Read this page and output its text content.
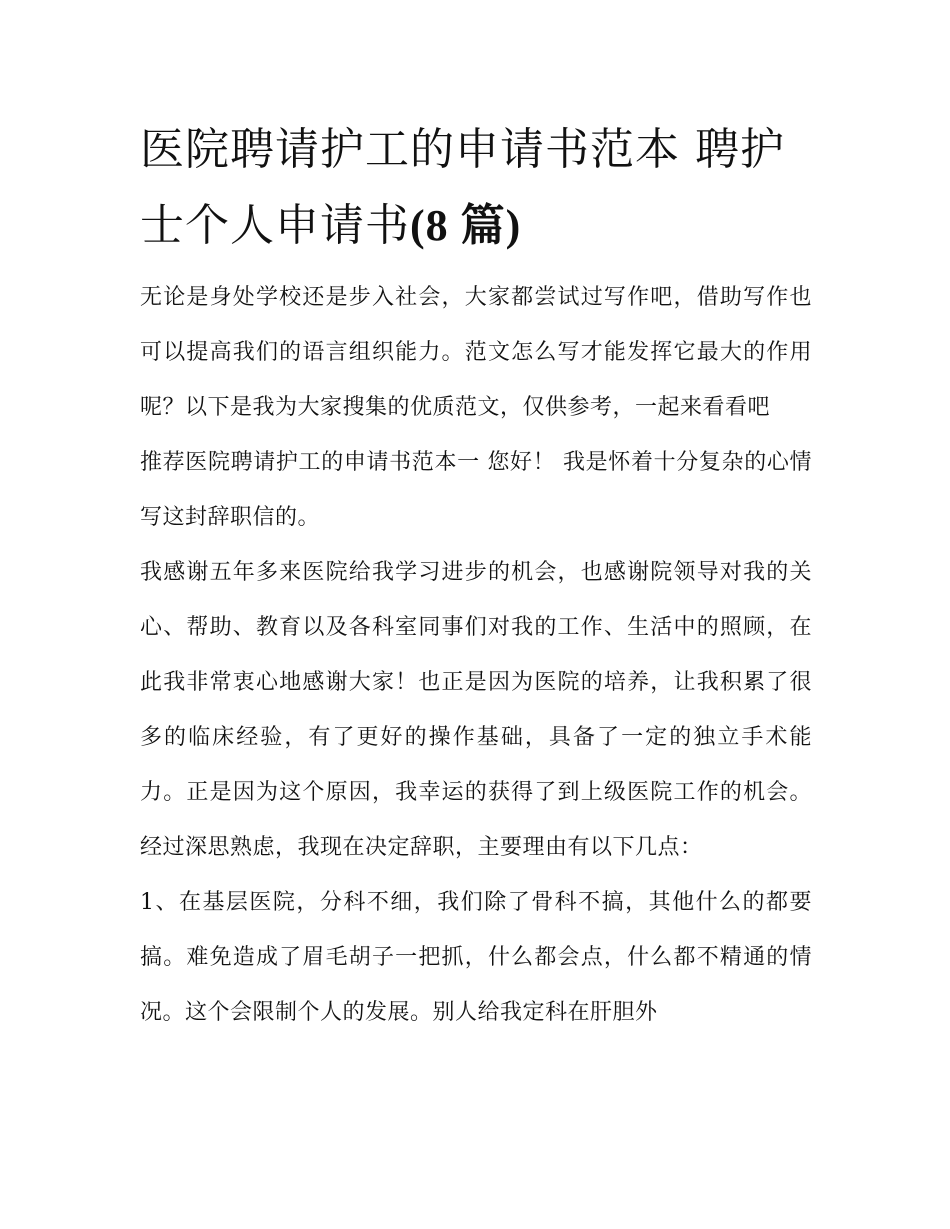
医院聘请护工的申请书范本 聘护士个人申请书(8 篇)

无论是身处学校还是步入社会，大家都尝试过写作吧，借助写作也可以提高我们的语言组织能力。范文怎么写才能发挥它最大的作用呢？以下是我为大家搜集的优质范文，仅供参考，一起来看看吧

推荐医院聘请护工的申请书范本一 您好！ 我是怀着十分复杂的心情写这封辞职信的。

我感谢五年多来医院给我学习进步的机会，也感谢院领导对我的关心、帮助、教育以及各科室同事们对我的工作、生活中的照顾，在此我非常衷心地感谢大家！也正是因为医院的培养，让我积累了很多的临床经验，有了更好的操作基础，具备了一定的独立手术能力。正是因为这个原因，我幸运的获得了到上级医院工作的机会。经过深思熟虑，我现在决定辞职，主要理由有以下几点：

1、在基层医院，分科不细，我们除了骨科不搞，其他什么的都要搞。难免造成了眉毛胡子一把抓，什么都会点，什么都不精通的情况。这个会限制个人的发展。别人给我定科在肝胆外
